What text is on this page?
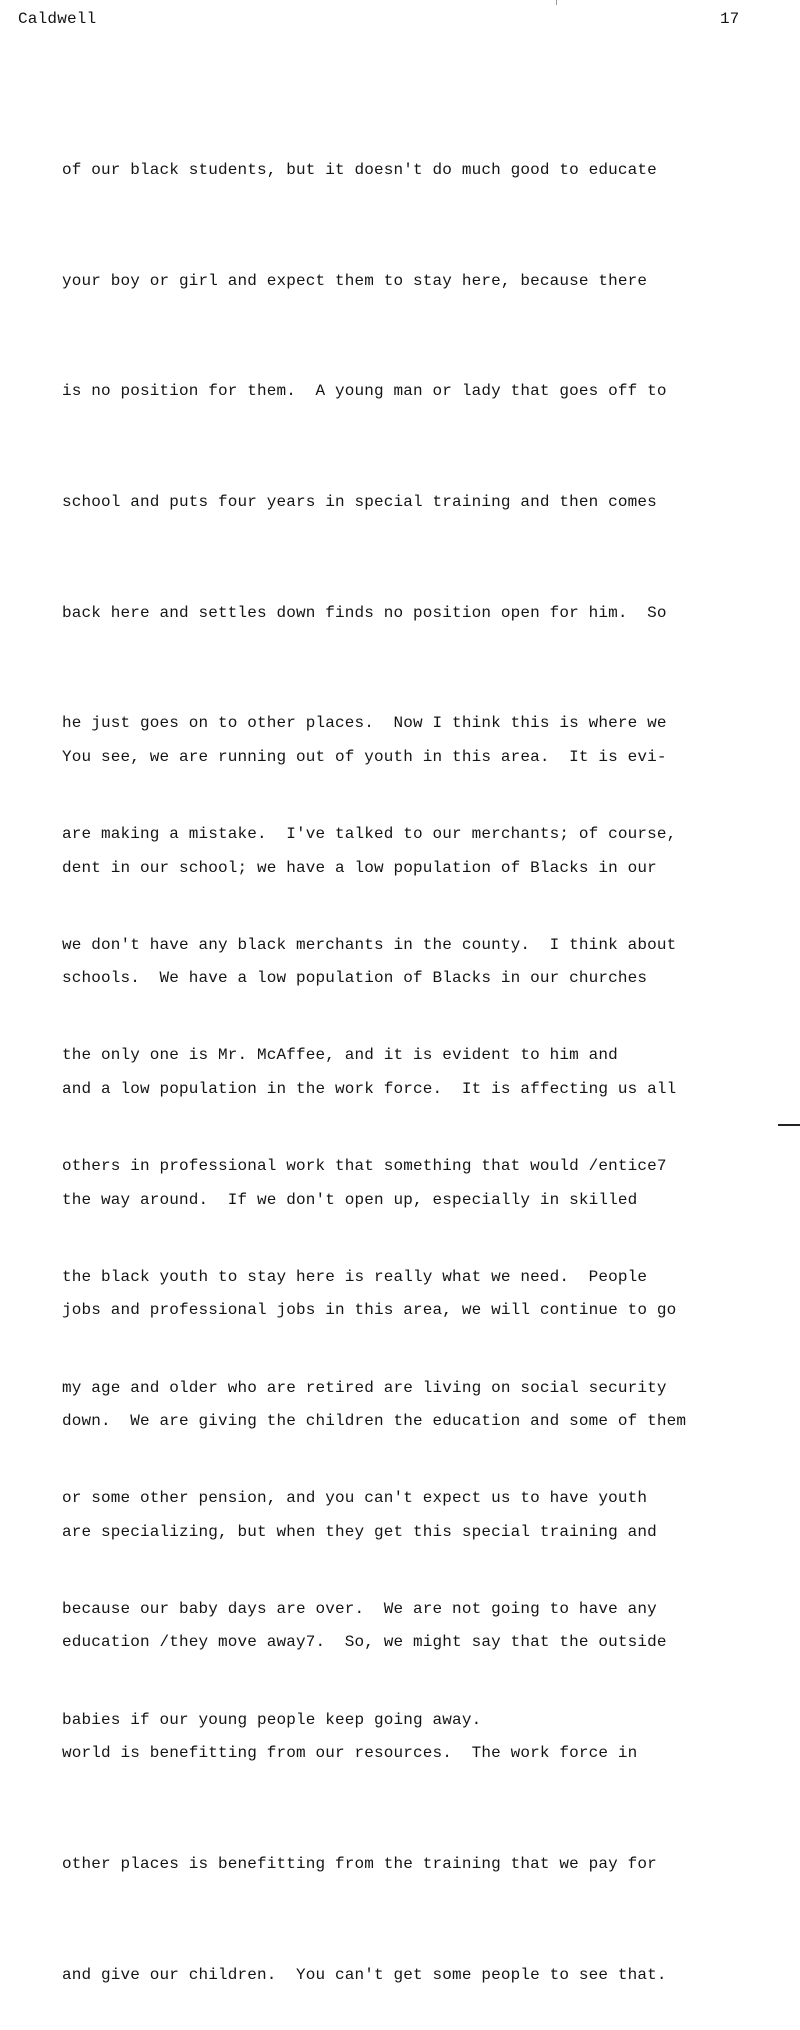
Caldwell	17

of our black students, but it doesn't do much good to educate

your boy or girl and expect them to stay here, because there

is no position for them.  A young man or lady that goes off to

school and puts four years in special training and then comes

back here and settles down finds no position open for him.  So

he just goes on to other places.  Now I think this is where we

are making a mistake.  I've talked to our merchants; of course,

we don't have any black merchants in the county.  I think about

the only one is Mr. McAffee, and it is evident to him and

others in professional work that something that would /entice7

the black youth to stay here is really what we need.  People

my age and older who are retired are living on social security

or some other pension, and you can't expect us to have youth

because our baby days are over.  We are not going to have any

babies if our young people keep going away.

You see, we are running out of youth in this area.  It is evi-

dent in our school; we have a low population of Blacks in our

schools.  We have a low population of Blacks in our churches

and a low population in the work force.  It is affecting us all

the way around.  If we don't open up, especially in skilled

jobs and professional jobs in this area, we will continue to go

down.  We are giving the children the education and some of them

are specializing, but when they get this special training and

education /they move away7.  So, we might say that the outside

world is benefitting from our resources.  The work force in

other places is benefitting from the training that we pay for

and give our children.  You can't get some people to see that.
